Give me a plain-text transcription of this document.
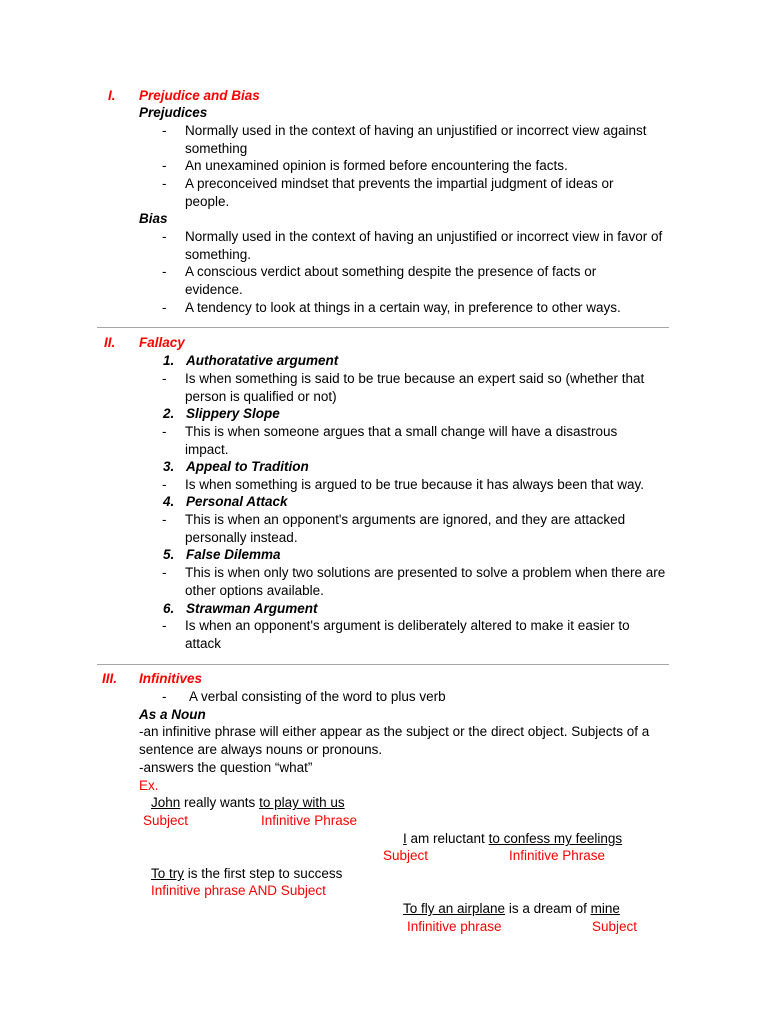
I. Prejudice and Bias
Prejudices
- Normally used in the context of having an unjustified or incorrect view against something
- An unexamined opinion is formed before encountering the facts.
- A preconceived mindset that prevents the impartial judgment of ideas or people.
Bias
- Normally used in the context of having an unjustified or incorrect view in favor of something.
- A conscious verdict about something despite the presence of facts or evidence.
- A tendency to look at things in a certain way, in preference to other ways.
II. Fallacy
1. Authoratative argument
- Is when something is said to be true because an expert said so (whether that person is qualified or not)
2. Slippery Slope
- This is when someone argues that a small change will have a disastrous impact.
3. Appeal to Tradition
- Is when something is argued to be true because it has always been that way.
4. Personal Attack
- This is when an opponent's arguments are ignored, and they are attacked personally instead.
5. False Dilemma
- This is when only two solutions are presented to solve a problem when there are other options available.
6. Strawman Argument
- Is when an opponent's argument is deliberately altered to make it easier to attack
III. Infinitives
- A verbal consisting of the word to plus verb
As a Noun
-an infinitive phrase will either appear as the subject or the direct object. Subjects of a sentence are always nouns or pronouns.
-answers the question “what”
Ex.
John really wants to play with us
Subject	Infinitive Phrase
I am reluctant to confess my feelings
Subject	Infinitive Phrase
To try is the first step to success
Infinitive phrase AND Subject
To fly an airplane is a dream of mine
Infinitive phrase	Subject
